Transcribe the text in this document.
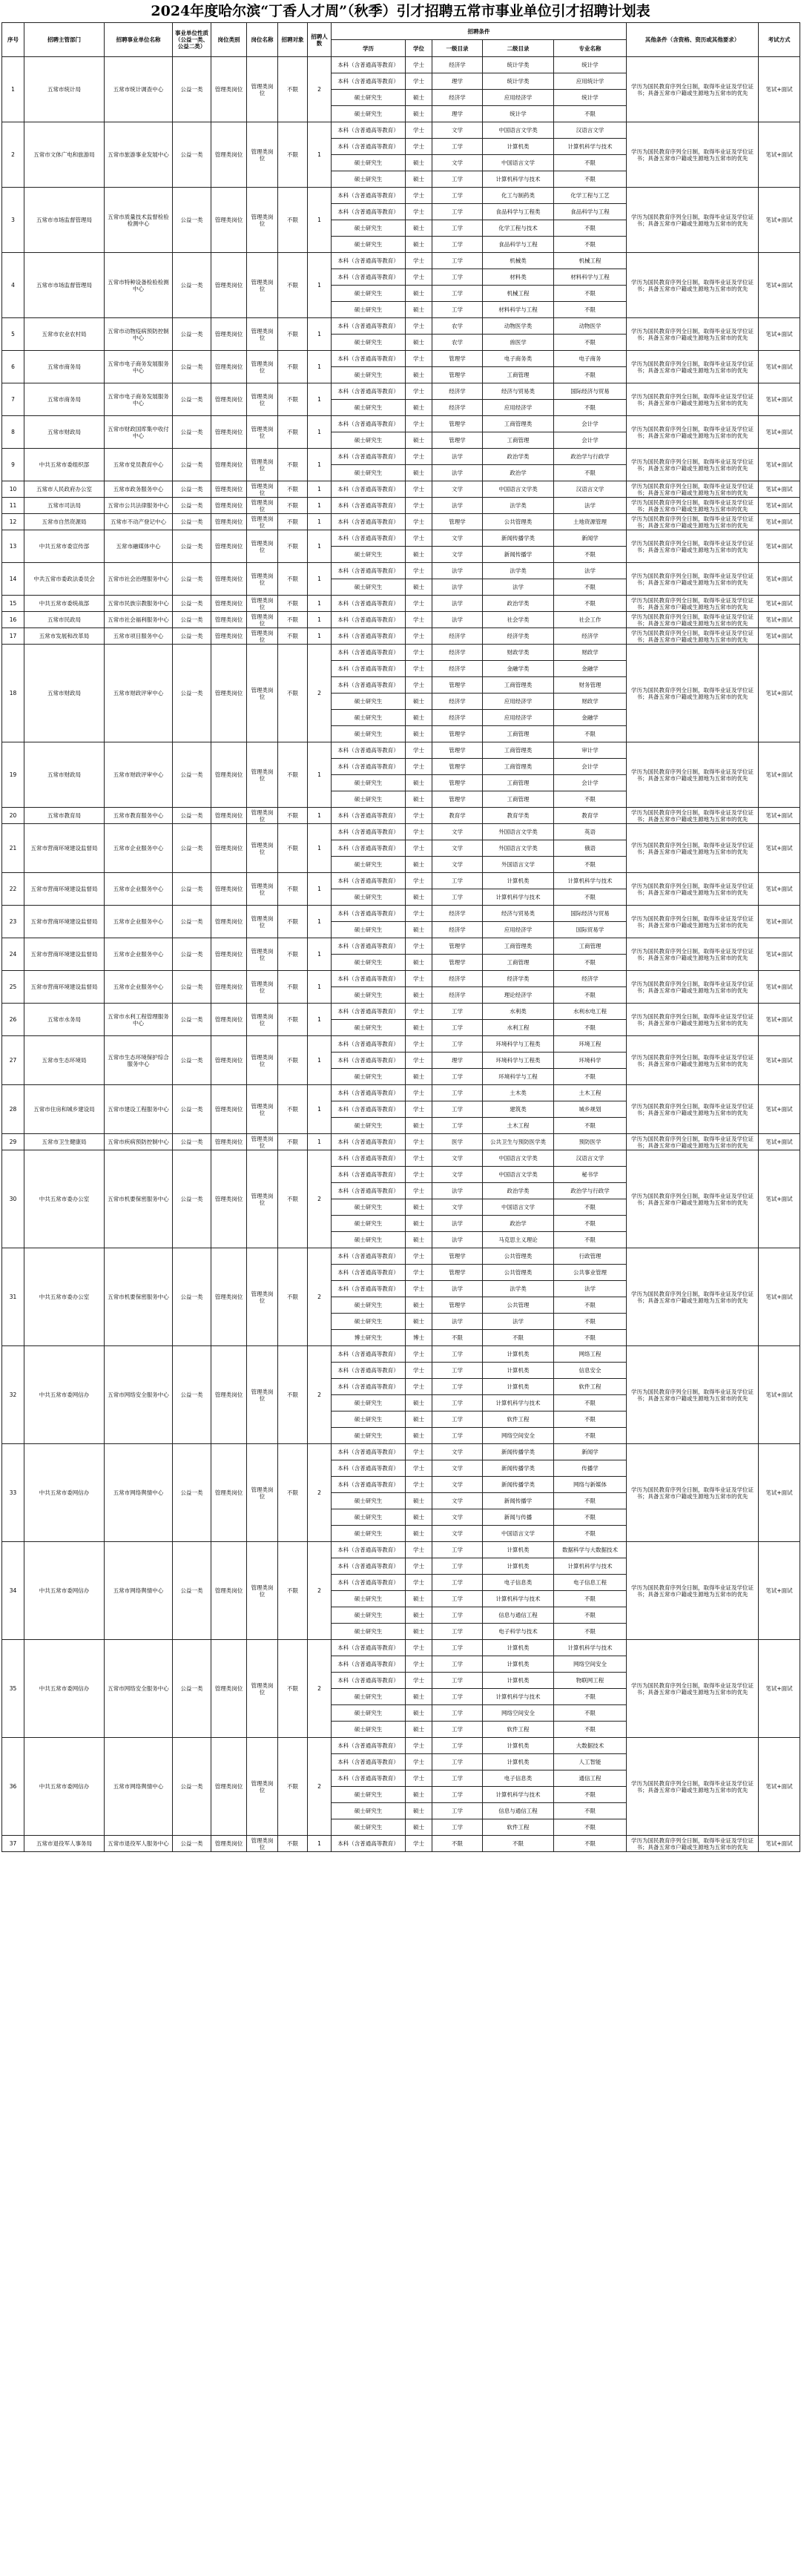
2024年度哈尔滨“丁香人才周”（秋季）引才招聘五常市事业单位引才招聘计划表
序号	招聘主管部门	招聘事业单位名称	事业单位性质（公益一类、公益二类）	岗位类别	岗位名称	招聘对象	招聘人数	招聘条件					其他条件（含资格、资历或其他要求）	考试方式
								学历	学位	一级目录	二级目录	专业名称		
1	五常市统计局	五常市统计调查中心	公益一类	管理类岗位	管理类岗位	不限	2	本科（含普通高等教育）	学士	经济学	统计学类	统计学	学历为国民教育序列全日制，取得毕业证及学位证书；具备五常市户籍或生源地为五常市的优先	笔试+面试
								本科（含普通高等教育）	学士	理学	统计学类	应用统计学		
								硕士研究生	硕士	经济学	应用经济学	统计学		
								硕士研究生	硕士	理学	统计学	不限		
2	五常市文体广电和旅游局	五常市旅游事业发展中心	公益一类	管理类岗位	管理类岗位	不限	1	本科（含普通高等教育）	学士	文学	中国语言文学类	汉语言文学	学历为国民教育序列全日制，取得毕业证及学位证书；具备五常市户籍或生源地为五常市的优先	笔试+面试
								本科（含普通高等教育）	学士	工学	计算机类	计算机科学与技术		
								硕士研究生	硕士	文学	中国语言文学	不限		
								硕士研究生	硕士	工学	计算机科学与技术	不限		
3	五常市市场监督管理局	五常市质量技术监督检验检测中心	公益一类	管理类岗位	管理类岗位	不限	1	本科（含普通高等教育）	学士	工学	化工与制药类	化学工程与工艺	学历为国民教育序列全日制，取得毕业证及学位证书；具备五常市户籍或生源地为五常市的优先	笔试+面试
								本科（含普通高等教育）	学士	工学	食品科学与工程类	食品科学与工程		
								硕士研究生	硕士	工学	化学工程与技术	不限		
								硕士研究生	硕士	工学	食品科学与工程	不限		
4	五常市市场监督管理局	五常市特种设备检验检测中心	公益一类	管理类岗位	管理类岗位	不限	1	本科（含普通高等教育）	学士	工学	机械类	机械工程	学历为国民教育序列全日制，取得毕业证及学位证书；具备五常市户籍或生源地为五常市的优先	笔试+面试
								本科（含普通高等教育）	学士	工学	材料类	材料科学与工程		
								硕士研究生	硕士	工学	机械工程	不限		
								硕士研究生	硕士	工学	材料科学与工程	不限		
5	五常市农业农村局	五常市动物疫病预防控制中心	公益一类	管理类岗位	管理类岗位	不限	1	本科（含普通高等教育）	学士	农学	动物医学类	动物医学	学历为国民教育序列全日制，取得毕业证及学位证书；具备五常市户籍或生源地为五常市的优先	笔试+面试
								硕士研究生	硕士	农学	兽医学	不限		
6	五常市商务局	五常市电子商务发展服务中心	公益一类	管理类岗位	管理类岗位	不限	1	本科（含普通高等教育）	学士	管理学	电子商务类	电子商务	学历为国民教育序列全日制，取得毕业证及学位证书；具备五常市户籍或生源地为五常市的优先	笔试+面试
								硕士研究生	硕士	管理学	工商管理	不限		
7	五常市商务局	五常市电子商务发展服务中心	公益一类	管理类岗位	管理类岗位	不限	1	本科（含普通高等教育）	学士	经济学	经济与贸易类	国际经济与贸易	学历为国民教育序列全日制，取得毕业证及学位证书；具备五常市户籍或生源地为五常市的优先	笔试+面试
								硕士研究生	硕士	经济学	应用经济学	不限		
8	五常市财政局	五常市财政国库集中收付中心	公益一类	管理类岗位	管理类岗位	不限	1	本科（含普通高等教育）	学士	管理学	工商管理类	会计学	学历为国民教育序列全日制，取得毕业证及学位证书；具备五常市户籍或生源地为五常市的优先	笔试+面试
								硕士研究生	硕士	管理学	工商管理	会计学		
9	中共五常市委组织部	五常市党员教育中心	公益一类	管理类岗位	管理类岗位	不限	1	本科（含普通高等教育）	学士	法学	政治学类	政治学与行政学	学历为国民教育序列全日制，取得毕业证及学位证书；具备五常市户籍或生源地为五常市的优先	笔试+面试
								硕士研究生	硕士	法学	政治学	不限		
10	五常市人民政府办公室	五常市政务服务中心	公益一类	管理类岗位	管理类岗位	不限	1	本科（含普通高等教育）	学士	文学	中国语言文学类	汉语言文学	学历为国民教育序列全日制，取得毕业证及学位证书；具备五常市户籍或生源地为五常市的优先	笔试+面试
11	五常市司法局	五常市公共法律服务中心	公益一类	管理类岗位	管理类岗位	不限	1	本科（含普通高等教育）	学士	法学	法学类	法学	学历为国民教育序列全日制，取得毕业证及学位证书；具备五常市户籍或生源地为五常市的优先	笔试+面试
12	五常市自然资源局	五常市不动产登记中心	公益一类	管理类岗位	管理类岗位	不限	1	本科（含普通高等教育）	学士	管理学	公共管理类	土地资源管理	学历为国民教育序列全日制，取得毕业证及学位证书；具备五常市户籍或生源地为五常市的优先	笔试+面试
13	中共五常市委宣传部	五常市融媒体中心	公益一类	管理类岗位	管理类岗位	不限	1	本科（含普通高等教育）	学士	文学	新闻传播学类	新闻学	学历为国民教育序列全日制，取得毕业证及学位证书；具备五常市户籍或生源地为五常市的优先	笔试+面试
								硕士研究生	硕士	文学	新闻传播学	不限		
14	中共五常市委政法委员会	五常市社会治理服务中心	公益一类	管理类岗位	管理类岗位	不限	1	本科（含普通高等教育）	学士	法学	法学类	法学	学历为国民教育序列全日制，取得毕业证及学位证书；具备五常市户籍或生源地为五常市的优先	笔试+面试
								硕士研究生	硕士	法学	法学	不限		
15	中共五常市委统战部	五常市民族宗教服务中心	公益一类	管理类岗位	管理类岗位	不限	1	本科（含普通高等教育）	学士	法学	政治学类	不限	学历为国民教育序列全日制，取得毕业证及学位证书；具备五常市户籍或生源地为五常市的优先	笔试+面试
16	五常市民政局	五常市社会福利服务中心	公益一类	管理类岗位	管理类岗位	不限	1	本科（含普通高等教育）	学士	法学	社会学类	社会工作	学历为国民教育序列全日制，取得毕业证及学位证书；具备五常市户籍或生源地为五常市的优先	笔试+面试
17	五常市发展和改革局	五常市项目服务中心	公益一类	管理类岗位	管理类岗位	不限	1	本科（含普通高等教育）	学士	经济学	经济学类	经济学	学历为国民教育序列全日制，取得毕业证及学位证书；具备五常市户籍或生源地为五常市的优先	笔试+面试
18	五常市财政局	五常市财政评审中心	公益一类	管理类岗位	管理类岗位	不限	2	本科（含普通高等教育）	学士	经济学	财政学类	财政学	学历为国民教育序列全日制，取得毕业证及学位证书；具备五常市户籍或生源地为五常市的优先	笔试+面试
								本科（含普通高等教育）	学士	经济学	金融学类	金融学		
								本科（含普通高等教育）	学士	管理学	工商管理类	财务管理		
								硕士研究生	硕士	经济学	应用经济学	财政学		
								硕士研究生	硕士	经济学	应用经济学	金融学		
								硕士研究生	硕士	管理学	工商管理	不限		
19	五常市财政局	五常市财政评审中心	公益一类	管理类岗位	管理类岗位	不限	1	本科（含普通高等教育）	学士	管理学	工商管理类	审计学	学历为国民教育序列全日制，取得毕业证及学位证书；具备五常市户籍或生源地为五常市的优先	笔试+面试
								本科（含普通高等教育）	学士	管理学	工商管理类	会计学		
								硕士研究生	硕士	管理学	工商管理	会计学		
								硕士研究生	硕士	管理学	工商管理	不限		
20	五常市教育局	五常市教育服务中心	公益一类	管理类岗位	管理类岗位	不限	1	本科（含普通高等教育）	学士	教育学	教育学类	教育学	学历为国民教育序列全日制，取得毕业证及学位证书；具备五常市户籍或生源地为五常市的优先	笔试+面试
21	五常市营商环境建设监督局	五常市企业服务中心	公益一类	管理类岗位	管理类岗位	不限	1	本科（含普通高等教育）	学士	文学	外国语言文学类	英语	学历为国民教育序列全日制，取得毕业证及学位证书；具备五常市户籍或生源地为五常市的优先	笔试+面试
								本科（含普通高等教育）	学士	文学	外国语言文学类	俄语		
								硕士研究生	硕士	文学	外国语言文学	不限		
22	五常市营商环境建设监督局	五常市企业服务中心	公益一类	管理类岗位	管理类岗位	不限	1	本科（含普通高等教育）	学士	工学	计算机类	计算机科学与技术	学历为国民教育序列全日制，取得毕业证及学位证书；具备五常市户籍或生源地为五常市的优先	笔试+面试
								硕士研究生	硕士	工学	计算机科学与技术	不限		
23	五常市营商环境建设监督局	五常市企业服务中心	公益一类	管理类岗位	管理类岗位	不限	1	本科（含普通高等教育）	学士	经济学	经济与贸易类	国际经济与贸易	学历为国民教育序列全日制，取得毕业证及学位证书；具备五常市户籍或生源地为五常市的优先	笔试+面试
								硕士研究生	硕士	经济学	应用经济学	国际贸易学		
24	五常市营商环境建设监督局	五常市企业服务中心	公益一类	管理类岗位	管理类岗位	不限	1	本科（含普通高等教育）	学士	管理学	工商管理类	工商管理	学历为国民教育序列全日制，取得毕业证及学位证书；具备五常市户籍或生源地为五常市的优先	笔试+面试
								硕士研究生	硕士	管理学	工商管理	不限		
25	五常市营商环境建设监督局	五常市企业服务中心	公益一类	管理类岗位	管理类岗位	不限	1	本科（含普通高等教育）	学士	经济学	经济学类	经济学	学历为国民教育序列全日制，取得毕业证及学位证书；具备五常市户籍或生源地为五常市的优先	笔试+面试
								硕士研究生	硕士	经济学	理论经济学	不限		
26	五常市水务局	五常市水利工程管理服务中心	公益一类	管理类岗位	管理类岗位	不限	1	本科（含普通高等教育）	学士	工学	水利类	水利水电工程	学历为国民教育序列全日制，取得毕业证及学位证书；具备五常市户籍或生源地为五常市的优先	笔试+面试
								硕士研究生	硕士	工学	水利工程	不限		
27	五常市生态环境局	五常市生态环境保护综合服务中心	公益一类	管理类岗位	管理类岗位	不限	1	本科（含普通高等教育）	学士	工学	环境科学与工程类	环境工程	学历为国民教育序列全日制，取得毕业证及学位证书；具备五常市户籍或生源地为五常市的优先	笔试+面试
								本科（含普通高等教育）	学士	理学	环境科学与工程类	环境科学		
								硕士研究生	硕士	工学	环境科学与工程	不限		
28	五常市住房和城乡建设局	五常市建设工程服务中心	公益一类	管理类岗位	管理类岗位	不限	1	本科（含普通高等教育）	学士	工学	土木类	土木工程	学历为国民教育序列全日制，取得毕业证及学位证书；具备五常市户籍或生源地为五常市的优先	笔试+面试
								本科（含普通高等教育）	学士	工学	建筑类	城乡规划		
								硕士研究生	硕士	工学	土木工程	不限		
29	五常市卫生健康局	五常市疾病预防控制中心	公益一类	管理类岗位	管理类岗位	不限	1	本科（含普通高等教育）	学士	医学	公共卫生与预防医学类	预防医学	学历为国民教育序列全日制，取得毕业证及学位证书；具备五常市户籍或生源地为五常市的优先	笔试+面试
30	中共五常市委办公室	五常市机要保密服务中心	公益一类	管理类岗位	管理类岗位	不限	2	本科（含普通高等教育）	学士	文学	中国语言文学类	汉语言文学	学历为国民教育序列全日制，取得毕业证及学位证书；具备五常市户籍或生源地为五常市的优先	笔试+面试
								本科（含普通高等教育）	学士	文学	中国语言文学类	秘书学		
								本科（含普通高等教育）	学士	法学	政治学类	政治学与行政学		
								硕士研究生	硕士	文学	中国语言文学	不限		
								硕士研究生	硕士	法学	政治学	不限		
								硕士研究生	硕士	法学	马克思主义理论	不限		
31	中共五常市委办公室	五常市机要保密服务中心	公益一类	管理类岗位	管理类岗位	不限	2	本科（含普通高等教育）	学士	管理学	公共管理类	行政管理	学历为国民教育序列全日制，取得毕业证及学位证书；具备五常市户籍或生源地为五常市的优先	笔试+面试
								本科（含普通高等教育）	学士	管理学	公共管理类	公共事业管理		
								本科（含普通高等教育）	学士	法学	法学类	法学		
								硕士研究生	硕士	管理学	公共管理	不限		
								硕士研究生	硕士	法学	法学	不限		
								博士研究生	博士	不限	不限	不限		
32	中共五常市委网信办	五常市网络安全服务中心	公益一类	管理类岗位	管理类岗位	不限	2	本科（含普通高等教育）	学士	工学	计算机类	网络工程	学历为国民教育序列全日制，取得毕业证及学位证书；具备五常市户籍或生源地为五常市的优先	笔试+面试
								本科（含普通高等教育）	学士	工学	计算机类	信息安全		
								本科（含普通高等教育）	学士	工学	计算机类	软件工程		
								硕士研究生	硕士	工学	计算机科学与技术	不限		
								硕士研究生	硕士	工学	软件工程	不限		
								硕士研究生	硕士	工学	网络空间安全	不限		
33	中共五常市委网信办	五常市网络舆情中心	公益一类	管理类岗位	管理类岗位	不限	2	本科（含普通高等教育）	学士	文学	新闻传播学类	新闻学	学历为国民教育序列全日制，取得毕业证及学位证书；具备五常市户籍或生源地为五常市的优先	笔试+面试
								本科（含普通高等教育）	学士	文学	新闻传播学类	传播学		
								本科（含普通高等教育）	学士	文学	新闻传播学类	网络与新媒体		
								硕士研究生	硕士	文学	新闻传播学	不限		
								硕士研究生	硕士	文学	新闻与传播	不限		
								硕士研究生	硕士	文学	中国语言文学	不限		
34	中共五常市委网信办	五常市网络舆情中心	公益一类	管理类岗位	管理类岗位	不限	2	本科（含普通高等教育）	学士	工学	计算机类	数据科学与大数据技术	学历为国民教育序列全日制，取得毕业证及学位证书；具备五常市户籍或生源地为五常市的优先	笔试+面试
								本科（含普通高等教育）	学士	工学	计算机类	计算机科学与技术		
								本科（含普通高等教育）	学士	工学	电子信息类	电子信息工程		
								硕士研究生	硕士	工学	计算机科学与技术	不限		
								硕士研究生	硕士	工学	信息与通信工程	不限		
								硕士研究生	硕士	工学	电子科学与技术	不限		
35	中共五常市委网信办	五常市网络安全服务中心	公益一类	管理类岗位	管理类岗位	不限	2	本科（含普通高等教育）	学士	工学	计算机类	计算机科学与技术	学历为国民教育序列全日制，取得毕业证及学位证书；具备五常市户籍或生源地为五常市的优先	笔试+面试
								本科（含普通高等教育）	学士	工学	计算机类	网络空间安全		
								本科（含普通高等教育）	学士	工学	计算机类	物联网工程		
								硕士研究生	硕士	工学	计算机科学与技术	不限		
								硕士研究生	硕士	工学	网络空间安全	不限		
								硕士研究生	硕士	工学	软件工程	不限		
36	中共五常市委网信办	五常市网络舆情中心	公益一类	管理类岗位	管理类岗位	不限	2	本科（含普通高等教育）	学士	工学	计算机类	大数据技术	学历为国民教育序列全日制，取得毕业证及学位证书；具备五常市户籍或生源地为五常市的优先	笔试+面试
								本科（含普通高等教育）	学士	工学	计算机类	人工智能		
								本科（含普通高等教育）	学士	工学	电子信息类	通信工程		
								硕士研究生	硕士	工学	计算机科学与技术	不限		
								硕士研究生	硕士	工学	信息与通信工程	不限		
								硕士研究生	硕士	工学	软件工程	不限		
37	五常市退役军人事务局	五常市退役军人服务中心	公益一类	管理类岗位	管理类岗位	不限	1	本科（含普通高等教育）	学士	不限	不限	不限	学历为国民教育序列全日制，取得毕业证及学位证书；具备五常市户籍或生源地为五常市的优先	笔试+面试
